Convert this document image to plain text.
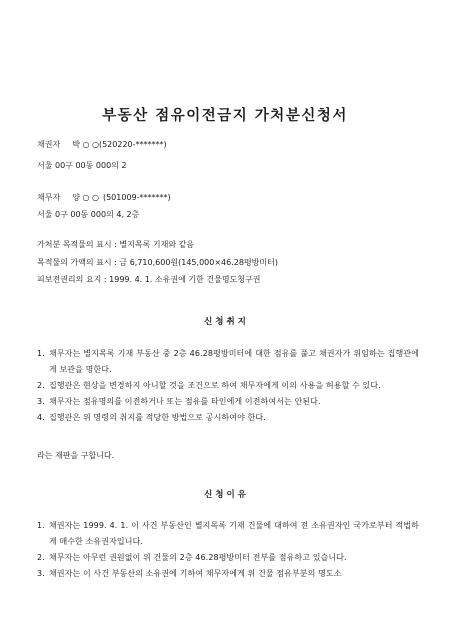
부동산 점유이전금지 가처분신청서
채권자 박 ○ ○(520220-*******)
서울 00구 00동 000의 2
채무자 양 ○ ○ (501009-*******)
서울 0구 00동 000의 4, 2층
가처분 목적물의 표시 : 별지목록 기재와 같음
목적물의 가액의 표시 : 금 6,710,600원(145,000×46.28평방미터)
피보전권리의 요지 : 1999. 4. 1. 소유권에 기한 건물명도청구권
신 청 취 지
1. 채무자는 별지목록 기재 부동산 중 2층 46.28평방미터에 대한 점유를 풀고 채권자가 위임하는 집행관에게 보관을 명한다.
2. 집행관은 현상을 변경하지 아니할 것을 조건으로 하여 채무자에게 이의 사용을 허용할 수 있다.
3. 채무자는 점유명의를 이전하거나 또는 점유를 타인에게 이전하여서는 안된다.
4. 집행관은 위 명령의 취지를 적당한 방법으로 공시하여야 한다.
라는 재판을 구합니다.
신 청 이 유
1. 채권자는 1999. 4. 1. 이 사건 부동산인 별지목록 기재 건물에 대하여 전 소유권자인 국가로부터 적법하게 매수한 소유권자입니다.
2. 채무자는 아무런 권원없이 위 건물의 2층 46.28평방미터 전부를 점유하고 있습니다.
3. 채권자는 이 사건 부동산의 소유권에 기하여 채무자에게 위 건물 점유부분의 명도소
